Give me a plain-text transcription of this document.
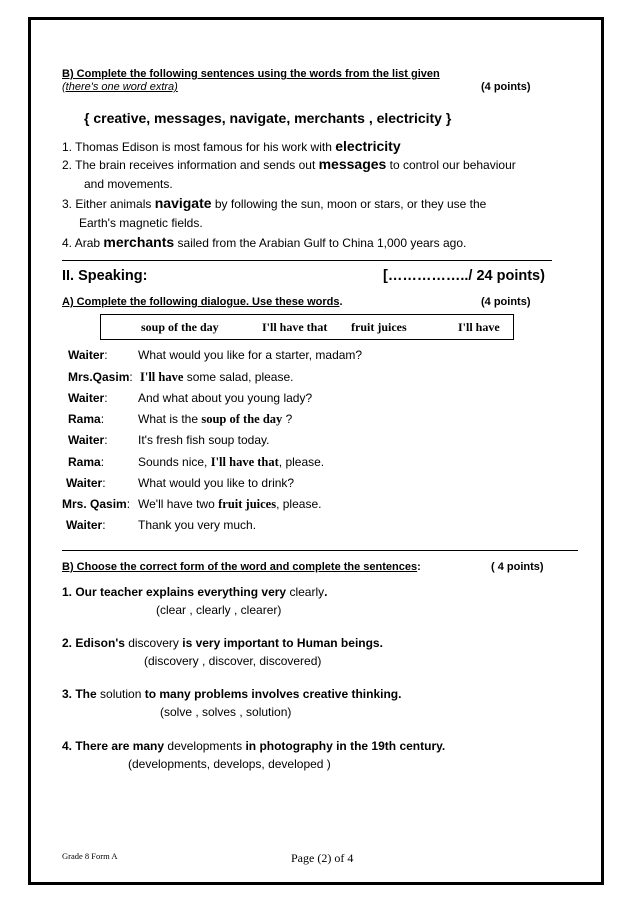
B) Complete the following sentences using the words from the list given
(there's one word extra)	(4 points)
{ creative, messages, navigate, merchants , electricity }
1. Thomas Edison is most famous for his work with electricity
2. The brain receives information and sends out messages to control our behaviour
and movements.
3. Either animals navigate by following the sun, moon or stars, or they use the
Earth's magnetic fields.
4. Arab merchants sailed from the Arabian Gulf to China 1,000 years ago.
II. Speaking:	[……………../ 24 points)
A) Complete the following dialogue. Use these words.	(4 points)
soup of the day	I'll have that fruit juices	I'll have
Waiter:	What would you like for a starter, madam?
Mrs.Qasim: I'll have some salad, please.
Waiter:	And what about you young lady?
Rama:	What is the soup of the day ?
Waiter:	It's fresh fish soup today.
Rama:	Sounds nice, I'll have that, please.
Waiter:	What would you like to drink?
Mrs. Qasim: We'll have two fruit juices, please.
Waiter:	Thank you very much.
B) Choose the correct form of the word and complete the sentences:	( 4 points)
1. Our teacher explains everything very clearly.
(clear , clearly , clearer)
2. Edison's discovery is very important to Human beings.
(discovery , discover, discovered)
3. The solution to many problems involves creative thinking.
(solve , solves , solution)
4. There are many developments in photography in the 19th century.
(developments, develops, developed )
Grade 8 Form A	Page (2) of 4
